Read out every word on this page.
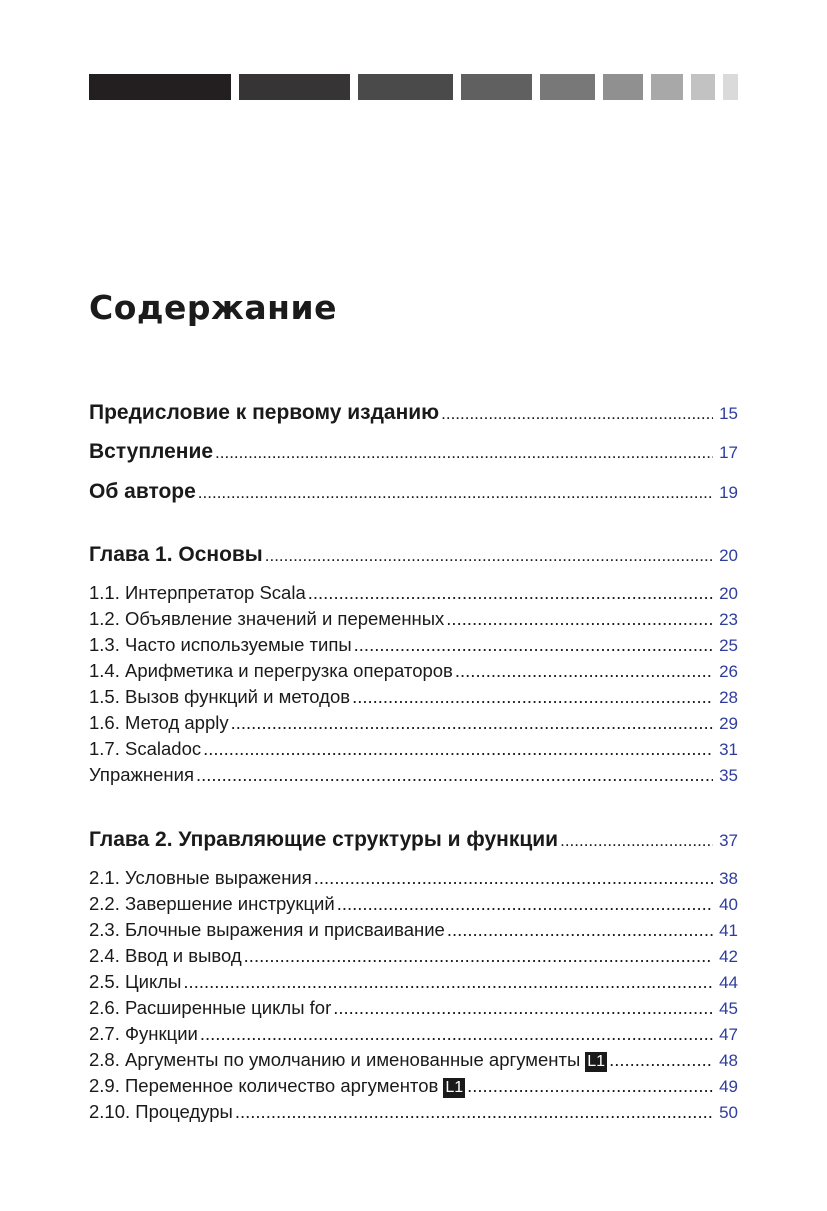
Содержание
Предисловие к первому изданию .....	15
Вступление .....	17
Об авторе .....	19
Глава 1. Основы .....	20
1.1. Интерпретатор Scala .....	20
1.2. Объявление значений и переменных .....	23
1.3. Часто используемые типы .....	25
1.4. Арифметика и перегрузка операторов .....	26
1.5. Вызов функций и методов .....	28
1.6. Метод apply .....	29
1.7. Scaladoc .....	31
Упражнения .....	35
Глава 2. Управляющие структуры и функции .....	37
2.1. Условные выражения .....	38
2.2. Завершение инструкций .....	40
2.3. Блочные выражения и присваивание .....	41
2.4. Ввод и вывод .....	42
2.5. Циклы .....	44
2.6. Расширенные циклы for .....	45
2.7. Функции .....	47
2.8. Аргументы по умолчанию и именованные аргументы L1 .....	48
2.9. Переменное количество аргументов L1 .....	49
2.10. Процедуры .....	50
